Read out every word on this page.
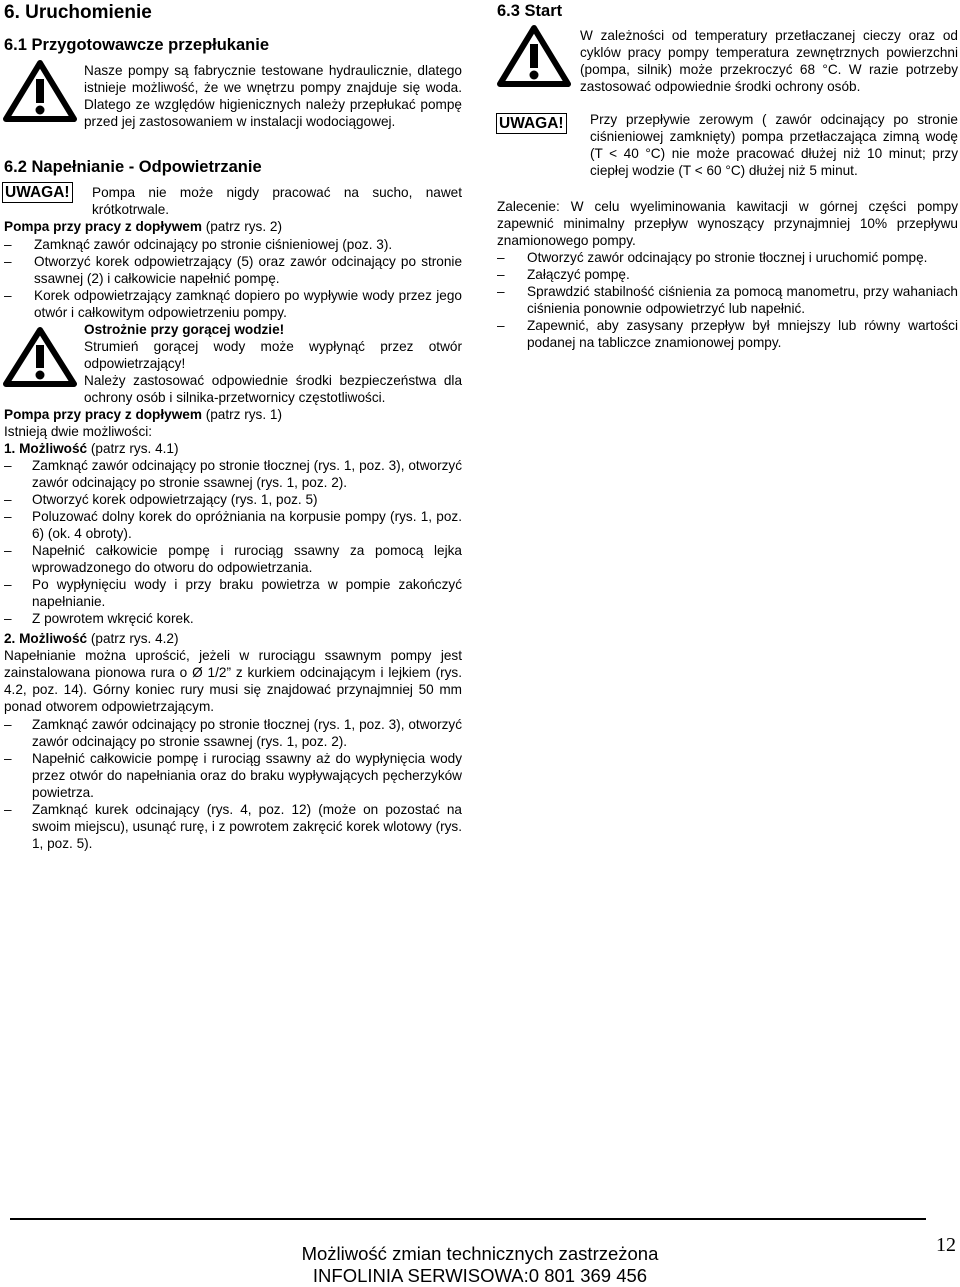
6. Uruchomienie
6.1 Przygotowawcze przepłukanie
Nasze pompy są fabrycznie testowane hydraulicznie, dlatego istnieje możliwość, że we wnętrzu pompy znajduje się woda. Dlatego ze względów higienicznych należy przepłukać pompę przed jej zastosowaniem w instalacji wodociągowej.
6.2 Napełnianie - Odpowietrzanie
UWAGA! Pompa nie może nigdy pracować na sucho, nawet krótkotrwale.
Pompa przy pracy z dopływem (patrz rys. 2)
– Zamknąć zawór odcinający po stronie ciśnieniowej (poz. 3).
– Otworzyć korek odpowietrzający (5) oraz zawór odcinający po stronie ssawnej (2) i całkowicie napełnić pompę.
– Korek odpowietrzający zamknąć dopiero po wypływie wody przez jego otwór i całkowitym odpowietrzeniu pompy.
Ostrożnie przy gorącej wodzie!
Strumień gorącej wody może wypłynąć przez otwór odpowietrzający!
Należy zastosować odpowiednie środki bezpieczeństwa dla ochrony osób i silnika-przetwornicy częstotliwości.
Pompa przy pracy z dopływem (patrz rys. 1)
Istnieją dwie możliwości:
1. Możliwość (patrz rys. 4.1)
– Zamknąć zawór odcinający po stronie tłocznej (rys. 1, poz. 3), otworzyć zawór odcinający po stronie ssawnej (rys. 1, poz. 2).
– Otworzyć korek odpowietrzający (rys. 1, poz. 5)
– Poluzować dolny korek do opróżniania na korpusie pompy (rys. 1, poz. 6) (ok. 4 obroty).
– Napełnić całkowicie pompę i rurociąg ssawny za pomocą lejka wprowadzonego do otworu do odpowietrzania.
– Po wypłynięciu wody i przy braku powietrza w pompie zakończyć napełnianie.
– Z powrotem wkręcić korek.
2. Możliwość (patrz rys. 4.2)
Napełnianie można uprościć, jeżeli w rurociągu ssawnym pompy jest zainstalowana pionowa rura o Ø 1/2” z kurkiem odcinającym i lejkiem (rys. 4.2, poz. 14). Górny koniec rury musi się znajdować przynajmniej 50 mm ponad otworem odpowietrzającym.
– Zamknąć zawór odcinający po stronie tłocznej (rys. 1, poz. 3), otworzyć zawór odcinający po stronie ssawnej (rys. 1, poz. 2).
– Napełnić całkowicie pompę i rurociąg ssawny aż do wypłynięcia wody przez otwór do napełniania oraz do braku wypływających pęcherzyków powietrza.
– Zamknąć kurek odcinający (rys. 4, poz. 12) (może on pozostać na swoim miejscu), usunąć rurę, i z powrotem zakręcić korek wlotowy (rys. 1, poz. 5).
6.3 Start
W zależności od temperatury przetłaczanej cieczy oraz od cyklów pracy pompy temperatura zewnętrznych powierzchni (pompa, silnik) może przekroczyć 68 °C. W razie potrzeby zastosować odpowiednie środki ochrony osób.
UWAGA! Przy przepływie zerowym ( zawór odcinający po stronie ciśnieniowej zamknięty) pompa przetłaczająca zimną wodę (T < 40 °C) nie może pracować dłużej niż 10 minut; przy ciepłej wodzie (T < 60 °C) dłużej niż 5 minut.
Zalecenie: W celu wyeliminowania kawitacji w górnej części pompy zapewnić minimalny przepływ wynoszący przynajmniej 10% przepływu znamionowego pompy.
– Otworzyć zawór odcinający po stronie tłocznej i uruchomić pompę.
– Załączyć pompę.
– Sprawdzić stabilność ciśnienia za pomocą manometru, przy wahaniach ciśnienia ponownie odpowietrzyć lub napełnić.
– Zapewnić, aby zasysany przepływ był mniejszy lub równy wartości podanej na tabliczce znamionowej pompy.
Możliwość zmian technicznych zastrzeżona
INFOLINIA SERWISOWA:0 801 369 456
12
